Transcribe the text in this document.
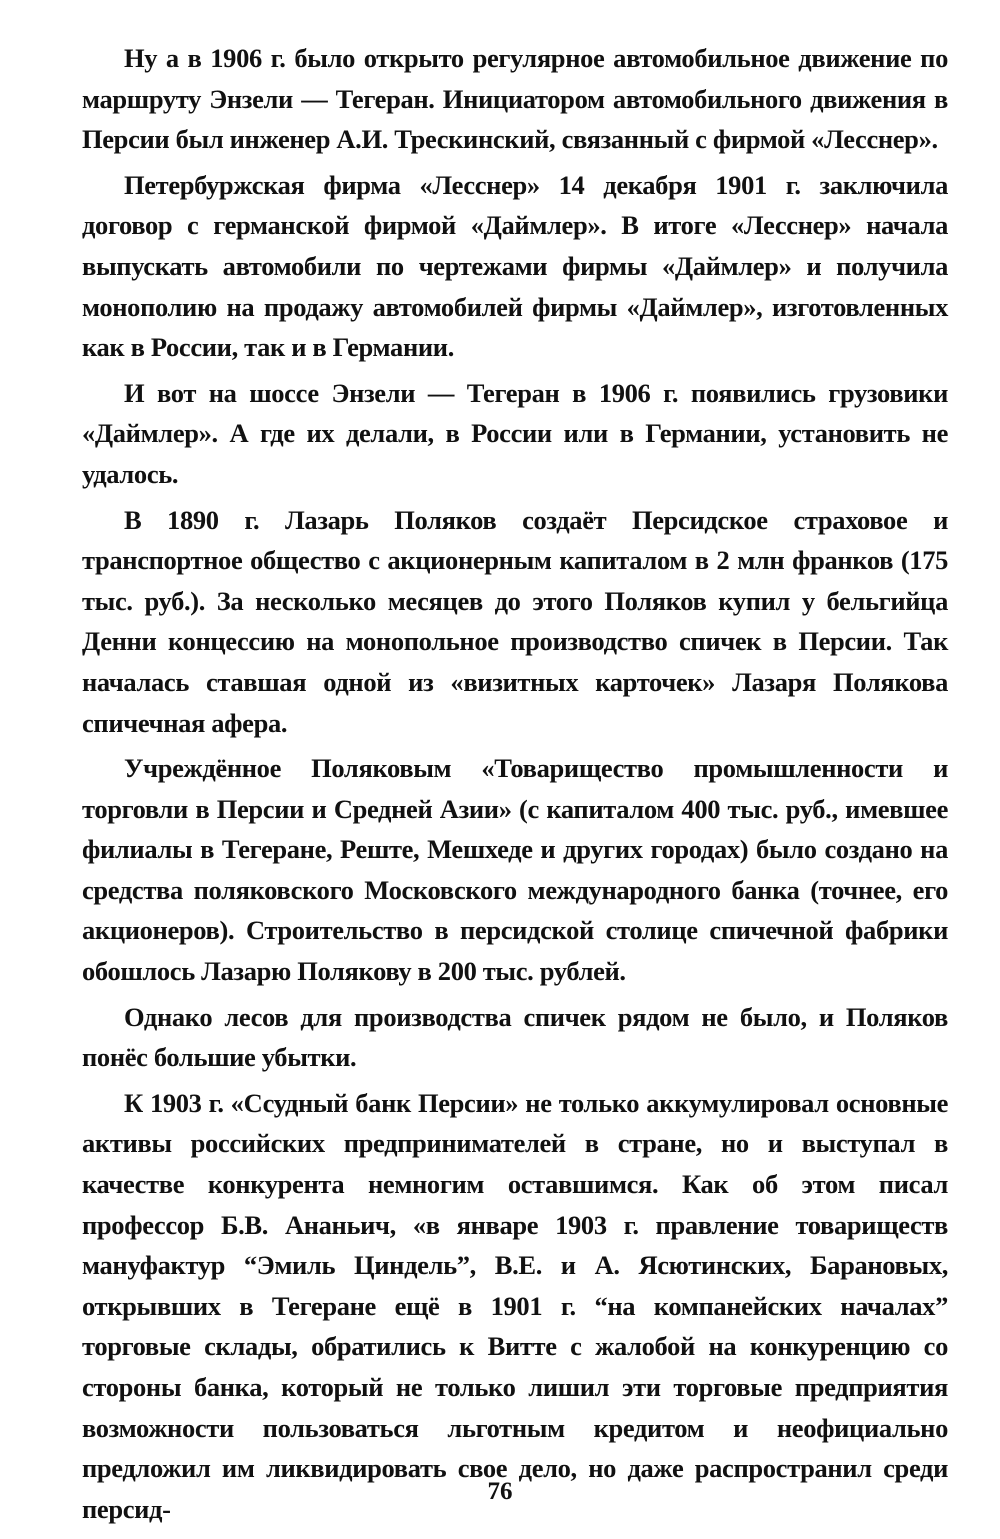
Ну а в 1906 г. было открыто регулярное автомобильное движение по маршруту Энзели — Тегеран. Инициатором автомобильного движения в Персии был инженер А.И. Трескинский, связанный с фирмой «Лесснер».

Петербуржская фирма «Лесснер» 14 декабря 1901 г. заключила договор с германской фирмой «Даймлер». В итоге «Лесснер» начала выпускать автомобили по чертежами фирмы «Даймлер» и получила монополию на продажу автомобилей фирмы «Даймлер», изготовленных как в России, так и в Германии.

И вот на шоссе Энзели — Тегеран в 1906 г. появились грузовики «Даймлер». А где их делали, в России или в Германии, установить не удалось.

В 1890 г. Лазарь Поляков создаёт Персидское страховое и транспортное общество с акционерным капиталом в 2 млн франков (175 тыс. руб.). За несколько месяцев до этого Поляков купил у бельгийца Денни концессию на монопольное производство спичек в Персии. Так началась ставшая одной из «визитных карточек» Лазаря Полякова спичечная афера.

Учреждённое Поляковым «Товарищество промышленности и торговли в Персии и Средней Азии» (с капиталом 400 тыс. руб., имевшее филиалы в Тегеране, Реште, Мешхеде и других городах) было создано на средства поляковского Московского международного банка (точнее, его акционеров). Строительство в персидской столице спичечной фабрики обошлось Лазарю Полякову в 200 тыс. рублей.

Однако лесов для производства спичек рядом не было, и Поляков понёс большие убытки.

К 1903 г. «Ссудный банк Персии» не только аккумулировал основные активы российских предпринимателей в стране, но и выступал в качестве конкурента немногим оставшимся. Как об этом писал профессор Б.В. Ананьич, «в январе 1903 г. правление товариществ мануфактур “Эмиль Циндель”, В.Е. и А. Ясютинских, Барановых, открывших в Тегеране ещё в 1901 г. “на компанейских началах” торговые склады, обратились к Витте с жалобой на конкуренцию со стороны банка, который не только лишил эти торговые предприятия возможности пользоваться льготным кредитом и неофициально предложил им ликвидировать свое дело, но даже распространил среди персид-

76
